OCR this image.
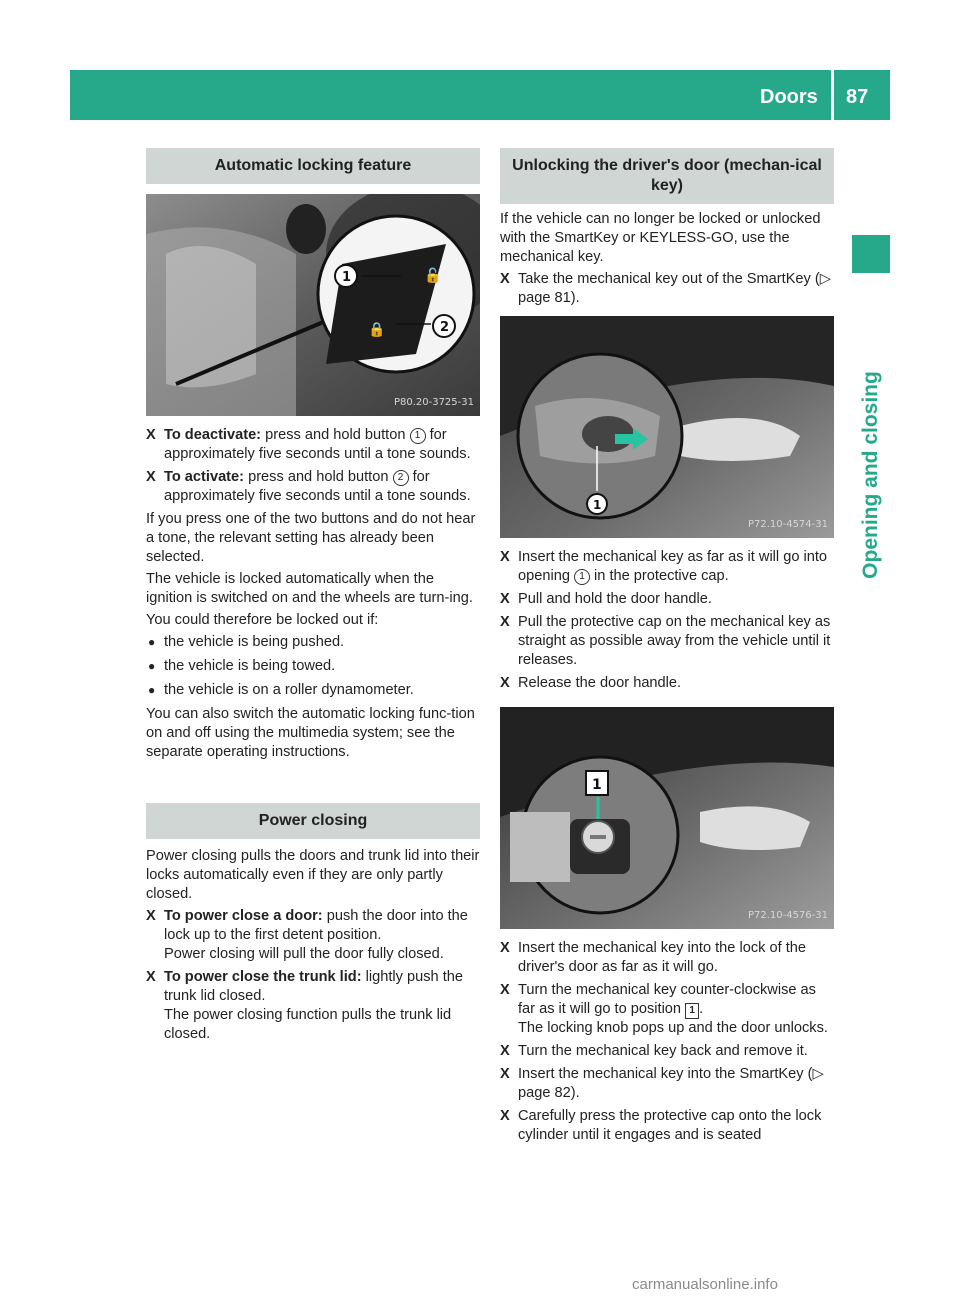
Doors 87
Opening and closing
Automatic locking feature
🔓
🔒
1
2
P80.20-3725-31
X To deactivate: press and hold button 1 for approximately five seconds until a tone sounds.
X To activate: press and hold button 2 for approximately five seconds until a tone sounds.

If you press one of the two buttons and do not hear a tone, the relevant setting has already been selected.

The vehicle is locked automatically when the ignition is switched on and the wheels are turn-ing.

You could therefore be locked out if:

● the vehicle is being pushed.
● the vehicle is being towed.
● the vehicle is on a roller dynamometer.

You can also switch the automatic locking func-tion on and off using the multimedia system; see the separate operating instructions.

Power closing

Power closing pulls the doors and trunk lid into their locks automatically even if they are only partly closed.

X To power close a door: push the door into the lock up to the first detent position.
Power closing will pull the door fully closed.
X To power close the trunk lid: lightly push the trunk lid closed.
The power closing function pulls the trunk lid closed.
Unlocking the driver's door (mechan-ical key)

If the vehicle can no longer be locked or unlocked with the SmartKey or KEYLESS-GO, use the mechanical key.

X Take the mechanical key out of the SmartKey (▷ page 81).
1
P72.10-4574-31
X Insert the mechanical key as far as it will go into opening 1 in the protective cap.
X Pull and hold the door handle.
X Pull the protective cap on the mechanical key as straight as possible away from the vehicle until it releases.
X Release the door handle.
1
P72.10-4576-31
X Insert the mechanical key into the lock of the driver's door as far as it will go.
X Turn the mechanical key counter-clockwise as far as it will go to position 1 .
The locking knob pops up and the door unlocks.
X Turn the mechanical key back and remove it.
X Insert the mechanical key into the SmartKey (▷ page 82).
X Carefully press the protective cap onto the lock cylinder until it engages and is seated
carmanualsonline.info
